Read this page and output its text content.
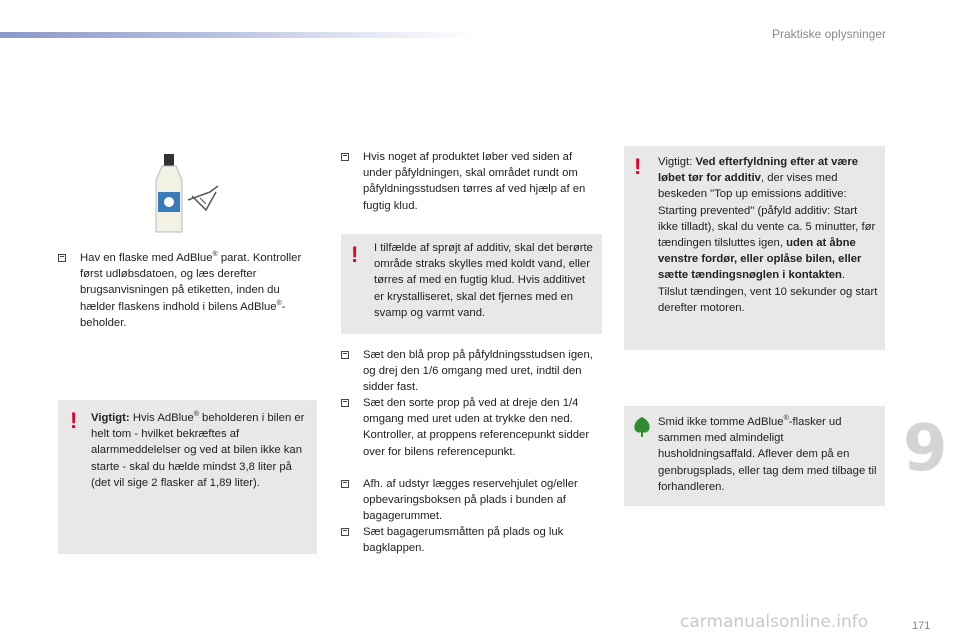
Praktiske oplysninger

Hav en flaske med AdBlue® parat. Kontroller først udløbsdatoen, og læs derefter brugsanvisningen på etiketten, inden du hælder flaskens indhold i bilens AdBlue®-beholder.

! Vigtigt: Hvis AdBlue® beholderen i bilen er helt tom - hvilket bekræftes af alarmmeddelelser og ved at bilen ikke kan starte - skal du hælde mindst 3,8 liter på (det vil sige 2 flasker af 1,89 liter).

Hvis noget af produktet løber ved siden af under påfyldningen, skal området rundt om påfyldningsstudsen tørres af ved hjælp af en fugtig klud.

! I tilfælde af sprøjt af additiv, skal det berørte område straks skylles med koldt vand, eller tørres af med en fugtig klud. Hvis additivet er krystalliseret, skal det fjernes med en svamp og varmt vand.

Sæt den blå prop på påfyldningsstudsen igen, og drej den 1/6 omgang med uret, indtil den sidder fast.

Sæt den sorte prop på ved at dreje den 1/4 omgang med uret uden at trykke den ned. Kontroller, at proppens referencepunkt sidder over for bilens referencepunkt.

Afh. af udstyr lægges reservehjulet og/eller opbevaringsboksen på plads i bunden af bagagerummet.

Sæt bagagerumsmåtten på plads og luk bagklappen.

! Vigtigt: Ved efterfyldning efter at være løbet tør for additiv, der vises med beskeden "Top up emissions additive: Starting prevented" (påfyld additiv: Start ikke tilladt), skal du vente ca. 5 minutter, før tændingen tilsluttes igen, uden at åbne venstre fordør, eller oplåse bilen, eller sætte tændingsnøglen i kontakten.

Tilslut tændingen, vent 10 sekunder og start derefter motoren.

Smid ikke tomme AdBlue®-flasker ud sammen med almindeligt husholdningsaffald. Aflever dem på en genbrugsplads, eller tag dem med tilbage til forhandleren.

9
carmanualsonline.info	171
